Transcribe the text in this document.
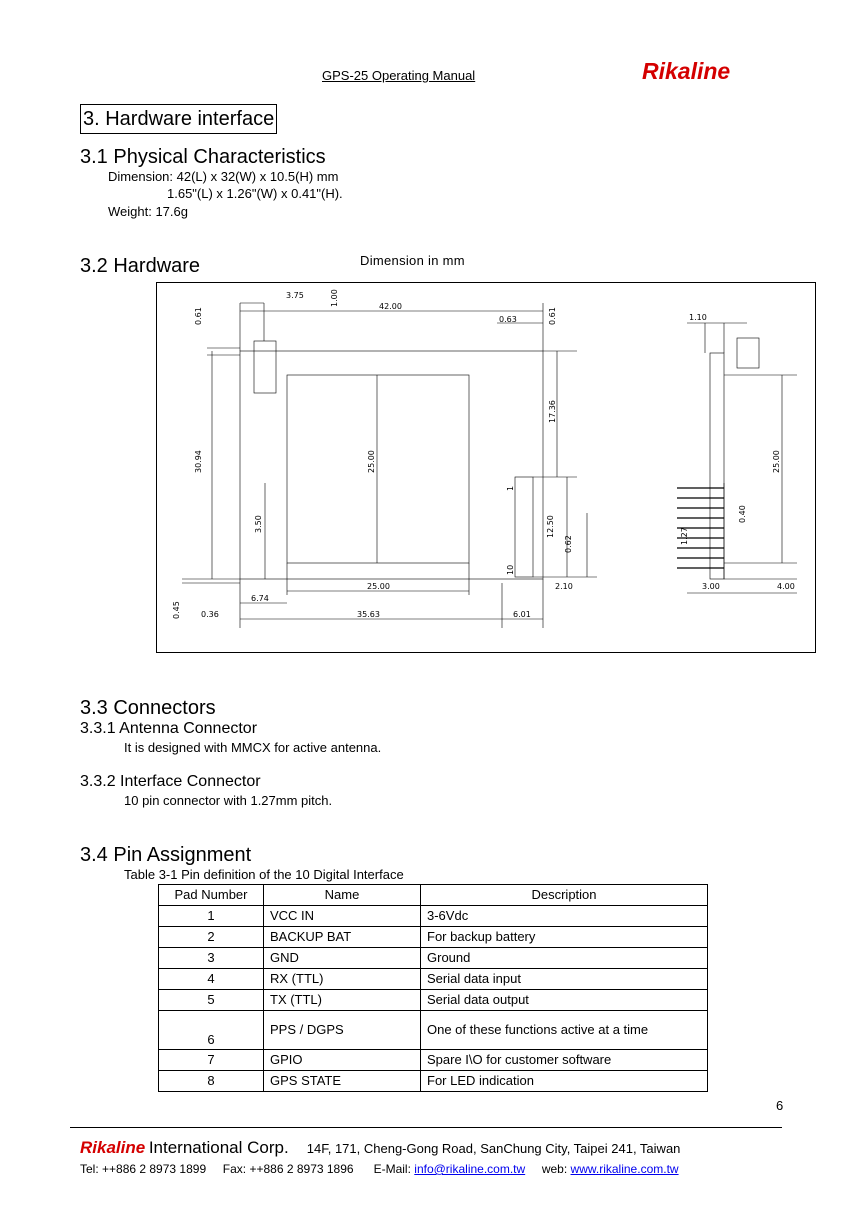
GPS-25 Operating Manual	Rikaline
3. Hardware interface
3.1 Physical Characteristics
Dimension: 42(L) x 32(W) x 10.5(H) mm
1.65"(L) x 1.26"(W) x 0.41"(H).
Weight: 17.6g
3.2 Hardware	Dimension in mm
3.75	1.00	42.00
0.63
0.61	0.61
17.36
30.94	25.00
3.50	12.50
0.62
2.10
25.00
6.74
0.45	0.36	35.63	6.01
1
10
1.10
25.00
0.40
1.27
3.00	4.00
3.3 Connectors
3.3.1 Antenna Connector
It is designed with MMCX for active antenna.
3.3.2 Interface Connector
10 pin connector with 1.27mm pitch.
3.4 Pin Assignment
Table 3-1 Pin definition of the 10 Digital Interface
Pad Number	Name	Description
1	VCC IN	3-6Vdc
2	BACKUP BAT	For backup battery
3	GND	Ground
4	RX (TTL)	Serial data input
5	TX (TTL)	Serial data output
6	PPS / DGPS	One of these functions active at a time
7	GPIO	Spare I\O for customer software
8	GPS STATE	For LED indication
6
Rikaline International Corp. 14F, 171, Cheng-Gong Road, SanChung City, Taipei 241, Taiwan
Tel: ++886 2 8973 1899 Fax: ++886 2 8973 1896 E-Mail: info@rikaline.com.tw web: www.rikaline.com.tw
